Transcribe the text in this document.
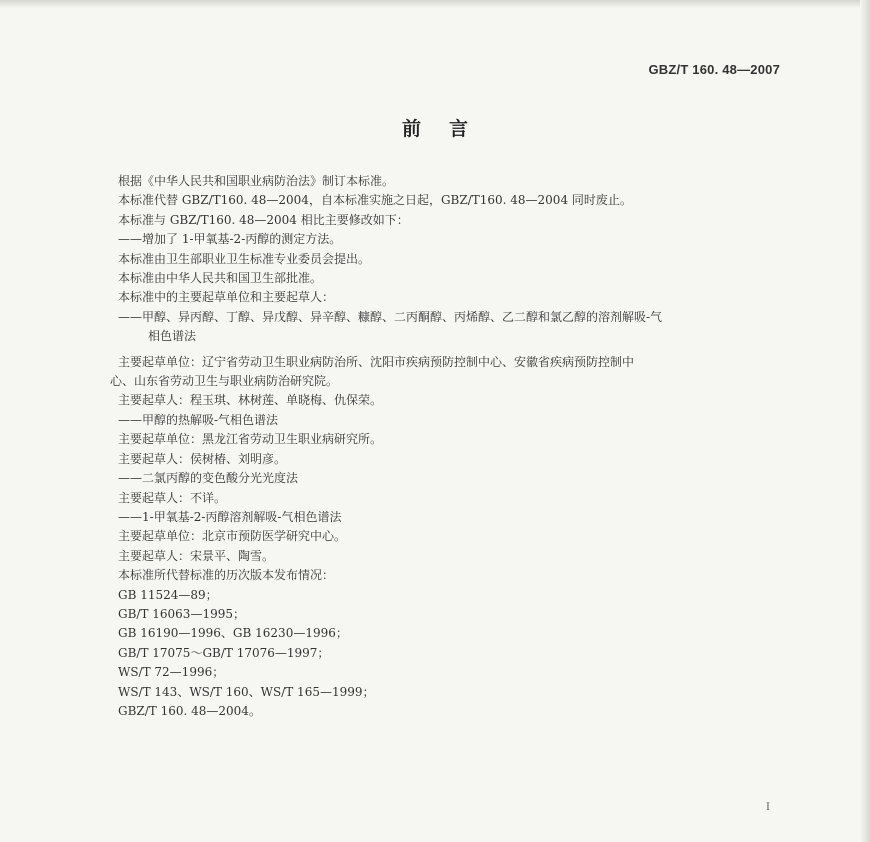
GBZ/T 160. 48—2007
前言
根据《中华人民共和国职业病防治法》制订本标准。
本标准代替 GBZ/T160. 48—2004，自本标准实施之日起，GBZ/T160. 48—2004 同时废止。
本标准与 GBZ/T160. 48—2004 相比主要修改如下：
——增加了 1-甲氧基-2-丙醇的测定方法。
本标准由卫生部职业卫生标准专业委员会提出。
本标准由中华人民共和国卫生部批准。
本标准中的主要起草单位和主要起草人：
——甲醇、异丙醇、丁醇、异戊醇、异辛醇、糠醇、二丙酮醇、丙烯醇、乙二醇和氯乙醇的溶剂解吸-气
相色谱法
主要起草单位：辽宁省劳动卫生职业病防治所、沈阳市疾病预防控制中心、安徽省疾病预防控制中
心、山东省劳动卫生与职业病防治研究院。
主要起草人：程玉琪、林树莲、单晓梅、仇保荣。
——甲醇的热解吸-气相色谱法
主要起草单位：黑龙江省劳动卫生职业病研究所。
主要起草人：侯树椿、刘明彦。
——二氯丙醇的变色酸分光光度法
主要起草人：不详。
——1-甲氧基-2-丙醇溶剂解吸-气相色谱法
主要起草单位：北京市预防医学研究中心。
主要起草人：宋景平、陶雪。
本标准所代替标准的历次版本发布情况：
GB 11524—89；
GB/T 16063—1995；
GB 16190—1996、GB 16230—1996；
GB/T 17075～GB/T 17076—1997；
WS/T 72—1996；
WS/T 143、WS/T 160、WS/T 165—1999；
GBZ/T 160. 48—2004。
I
